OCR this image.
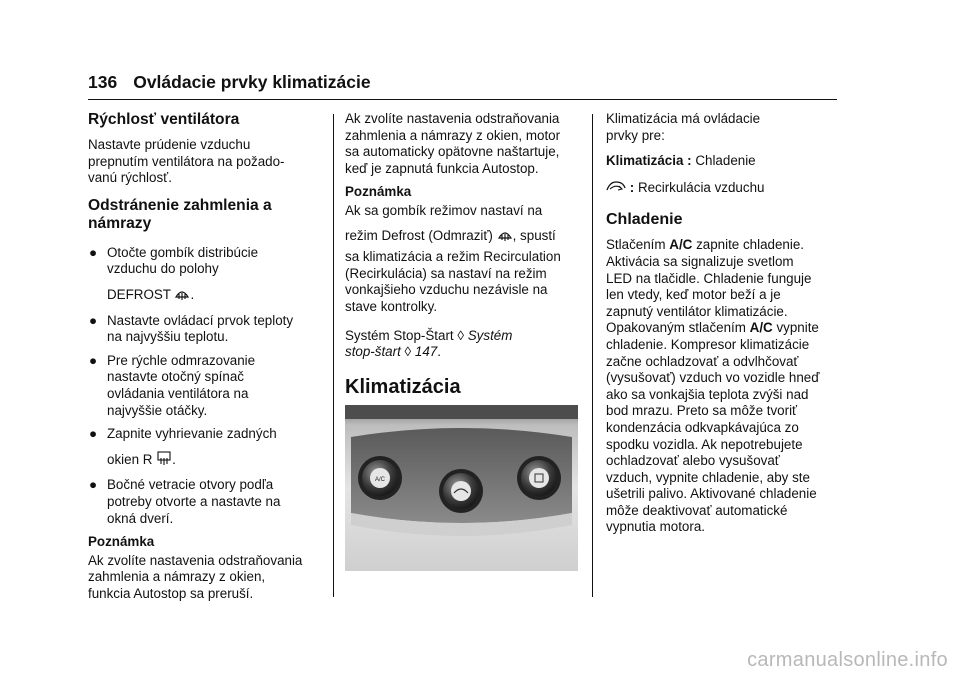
136 Ovládacie prvky klimatizácie
Rýchlosť ventilátora

Nastavte prúdenie vzduchu
prepnutím ventilátora na požado-
vanú rýchlosť.

Odstránenie zahmlenia a
námrazy
● Otočte gombík distribúcie
vzduchu do polohy
DEFROST .
● Nastavte ovládací prvok teploty
na najvyššiu teplotu.
● Pre rýchle odmrazovanie
nastavte otočný spínač
ovládania ventilátora na
najvyššie otáčky.
● Zapnite vyhrievanie zadných
okien R .
● Bočné vetracie otvory podľa
potreby otvorte a nastavte na
okná dverí.

Poznámka

Ak zvolíte nastavenia odstraňovania
zahmlenia a námrazy z okien,
funkcia Autostop sa preruší.

Ak zvolíte nastavenia odstraňovania
zahmlenia a námrazy z okien, motor
sa automaticky opätovne naštartuje,
keď je zapnutá funkcia Autostop.

Poznámka

Ak sa gombík režimov nastaví na
režim Defrost (Odmraziť) , spustí
sa klimatizácia a režim Recirculation
(Recirkulácia) sa nastaví na režim
vonkajšieho vzduchu nezávisle na
stave kontrolky.

Systém Stop-Štart ◊ Systém
stop-štart ◊ 147.

Klimatizácia
A/C

Klimatizácia má ovládacie
prvky pre:

Klimatizácia : Chladenie

: Recirkulácia vzduchu

Chladenie

Stlačením A/C zapnite chladenie.
Aktivácia sa signalizuje svetlom
LED na tlačidle. Chladenie funguje
len vtedy, keď motor beží a je
zapnutý ventilátor klimatizácie.
Opakovaným stlačením A/C vypnite
chladenie. Kompresor klimatizácie
začne ochladzovať a odvlhčovať
(vysušovať) vzduch vo vozidle hneď
ako sa vonkajšia teplota zvýši nad
bod mrazu. Preto sa môže tvoriť
kondenzácia odkvapkávajúca zo
spodku vozidla. Ak nepotrebujete
ochladzovať alebo vysušovať
vzduch, vypnite chladenie, aby ste
ušetrili palivo. Aktivované chladenie
môže deaktivovať automatické
vypnutia motora.

carmanualsonline.info
